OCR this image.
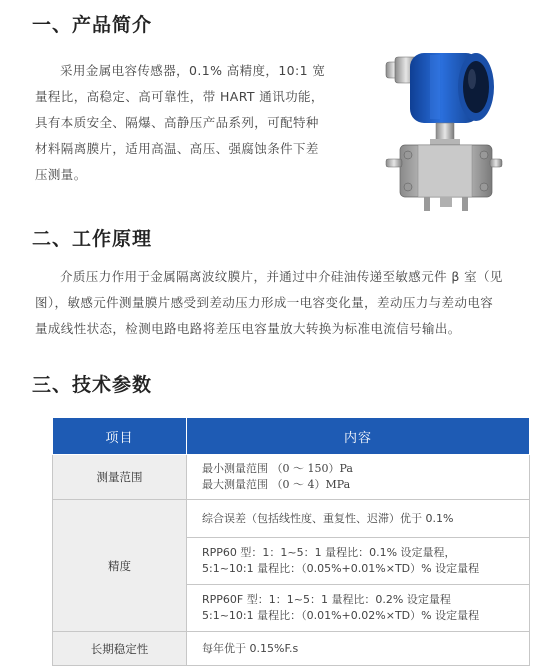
一、产品简介
采用金属电容传感器，0.1% 高精度，10:1 宽
量程比，高稳定、高可靠性，带 HART 通讯功能，
具有本质安全、隔爆、高静压产品系列，可配特种
材料隔离膜片，适用高温、高压、强腐蚀条件下差
压测量。
二、工作原理
介质压力作用于金属隔离波纹膜片，并通过中介硅油传递至敏感元件 β 室（见
图），敏感元件测量膜片感受到差动压力形成一电容变化量，差动压力与差动电容
量成线性状态，检测电路电路将差压电容量放大转换为标准电流信号输出。
三、技术参数
项目	内容
测量范围	最小测量范围 （0 ～ 150）Pa
最大测量范围 （0 ～ 4）MPa
精度	综合误差（包括线性度、重复性、迟滞）优于 0.1%
	RPP60 型：1：1~5：1 量程比：0.1% 设定量程，
5:1~10:1 量程比：（0.05%+0.01%×TD）% 设定量程
	RPP60F 型：1：1~5：1 量程比：0.2% 设定量程
5:1~10:1 量程比：（0.01%+0.02%×TD）% 设定量程
长期稳定性	每年优于 0.15%F.s
